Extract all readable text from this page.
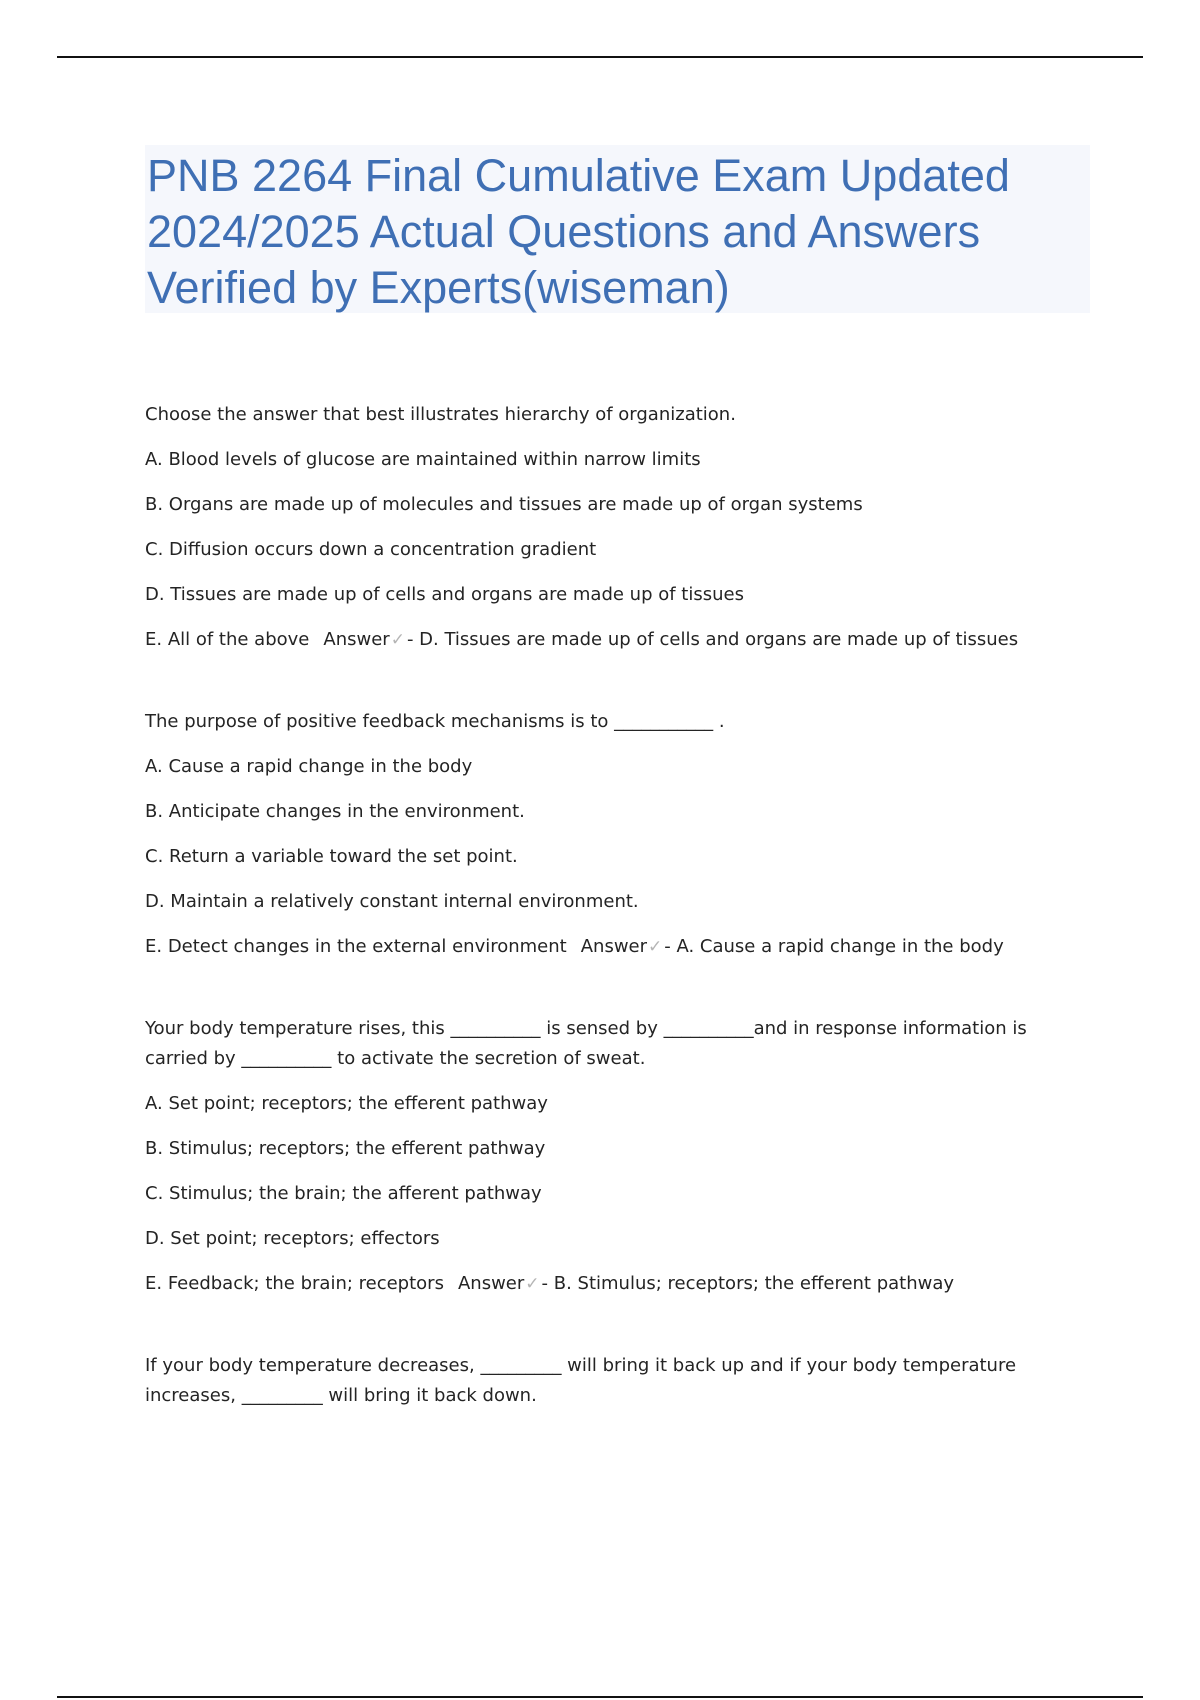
PNB 2264 Final Cumulative Exam Updated 2024/2025 Actual Questions and Answers Verified by Experts(wiseman)

Choose the answer that best illustrates hierarchy of organization.

A. Blood levels of glucose are maintained within narrow limits

B. Organs are made up of molecules and tissues are made up of organ systems

C. Diffusion occurs down a concentration gradient

D. Tissues are made up of cells and organs are made up of tissues

E. All of the above Answer✓ - D. Tissues are made up of cells and organs are made up of tissues

The purpose of positive feedback mechanisms is to ___________ .

A. Cause a rapid change in the body

B. Anticipate changes in the environment.

C. Return a variable toward the set point.

D. Maintain a relatively constant internal environment.

E. Detect changes in the external environment Answer✓ - A. Cause a rapid change in the body

Your body temperature rises, this __________ is sensed by __________and in response information is carried by __________ to activate the secretion of sweat.

A. Set point; receptors; the efferent pathway

B. Stimulus; receptors; the efferent pathway

C. Stimulus; the brain; the afferent pathway

D. Set point; receptors; effectors

E. Feedback; the brain; receptors Answer✓ - B. Stimulus; receptors; the efferent pathway

If your body temperature decreases, _________ will bring it back up and if your body temperature increases, _________ will bring it back down.
